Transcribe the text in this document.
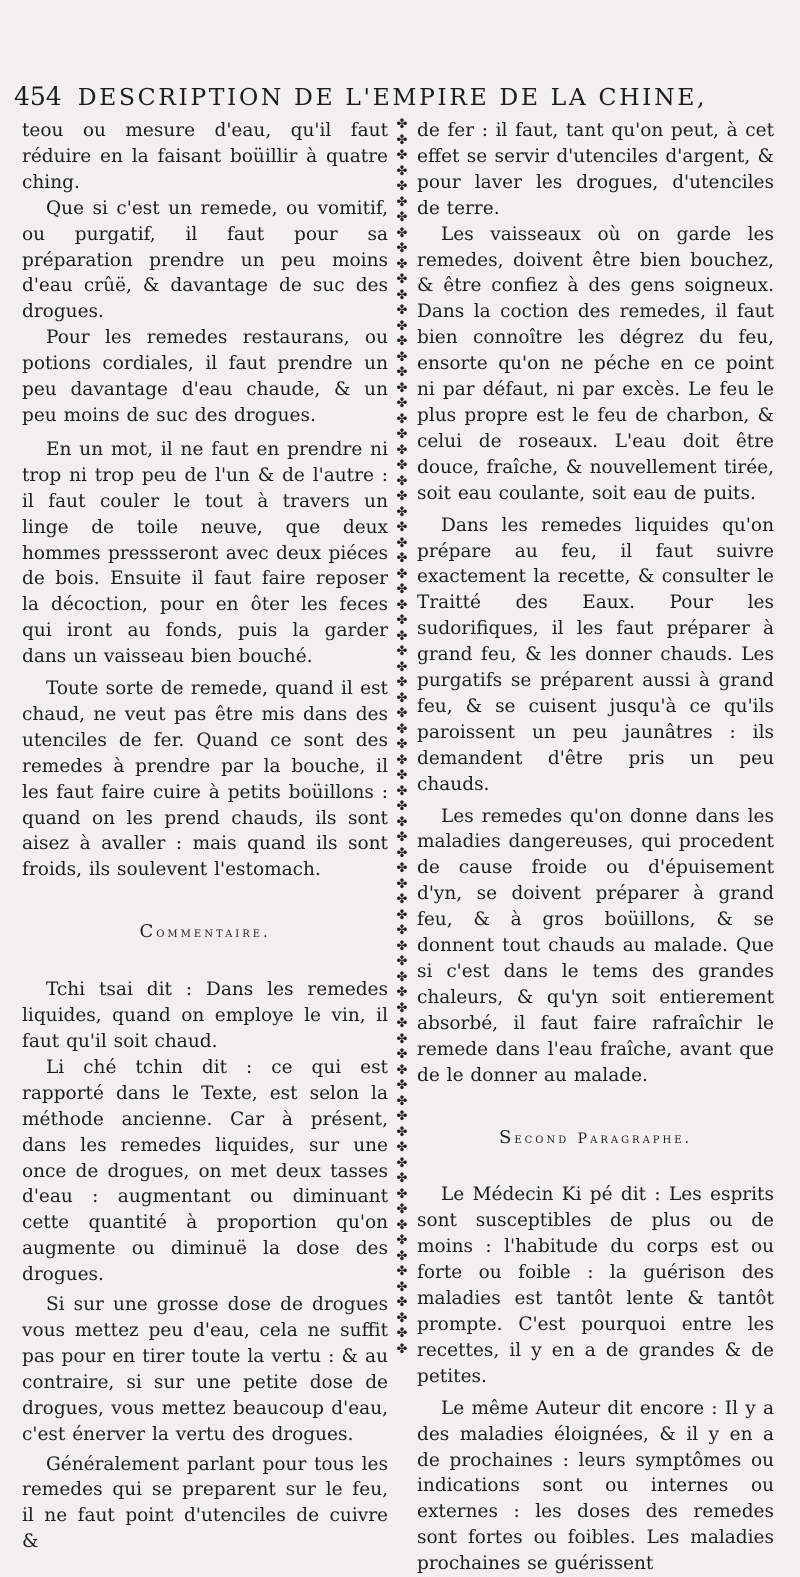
454 DESCRIPTION DE L'EMPIRE DE LA CHINE,

teou ou mesure d'eau, qu'il faut réduire en la faisant boüillir à quatre ching.

Que si c'est un remede, ou vomitif, ou purgatif, il faut pour sa préparation prendre un peu moins d'eau crûë, & davantage de suc des drogues.

Pour les remedes restaurans, ou potions cordiales, il faut prendre un peu davantage d'eau chaude, & un peu moins de suc des drogues.

En un mot, il ne faut en prendre ni trop ni trop peu de l'un & de l'autre : il faut couler le tout à travers un linge de toile neuve, que deux hommes pressseront avec deux piéces de bois. Ensuite il faut faire reposer la décoction, pour en ôter les feces qui iront au fonds, puis la garder dans un vaisseau bien bouché.

Toute sorte de remede, quand il est chaud, ne veut pas être mis dans des utenciles de fer. Quand ce sont des remedes à prendre par la bouche, il les faut faire cuire à petits boüillons : quand on les prend chauds, ils sont aisez à avaller : mais quand ils sont froids, ils soulevent l'estomach.

Commentaire.

Tchi tsai dit : Dans les remedes liquides, quand on employe le vin, il faut qu'il soit chaud.

Li ché tchin dit : ce qui est rapporté dans le Texte, est selon la méthode ancienne. Car à présent, dans les remedes liquides, sur une once de drogues, on met deux tasses d'eau : augmentant ou diminuant cette quantité à proportion qu'on augmente ou diminuë la dose des drogues.

Si sur une grosse dose de drogues vous mettez peu d'eau, cela ne suffit pas pour en tirer toute la vertu : & au contraire, si sur une petite dose de drogues, vous mettez beaucoup d'eau, c'est énerver la vertu des drogues.

Généralement parlant pour tous les remedes qui se preparent sur le feu, il ne faut point d'utenciles de cuivre &

✤
✤
✤
✤
✤
✤
✤
✤
✤
✤
✤
✤
✤
✤
✤
✤
✤
✤
✤
✤
✤
✤
✤
✤
✤
✤
✤
✤
✤
✤
✤
✤
✤
✤
✤
✤
✤
✤
✤
✤
✤
✤
✤
✤
✤
✤
✤
✤
✤
✤
✤
✤
✤
✤
✤
✤
✤
✤
✤
✤
✤
✤
✤
✤
✤
✤
✤
✤
✤
✤
✤
✤
✤
✤
✤
✤
✤
✤
✤
✤

de fer : il faut, tant qu'on peut, à cet effet se servir d'utenciles d'argent, & pour laver les drogues, d'utenciles de terre.

Les vaisseaux où on garde les remedes, doivent être bien bouchez, & être confiez à des gens soigneux. Dans la coction des remedes, il faut bien connoître les dégrez du feu, ensorte qu'on ne péche en ce point ni par défaut, ni par excès. Le feu le plus propre est le feu de charbon, & celui de roseaux. L'eau doit être douce, fraîche, & nouvellement tirée, soit eau coulante, soit eau de puits.

Dans les remedes liquides qu'on prépare au feu, il faut suivre exactement la recette, & consulter le Traitté des Eaux. Pour les sudorifiques, il les faut préparer à grand feu, & les donner chauds. Les purgatifs se préparent aussi à grand feu, & se cuisent jusqu'à ce qu'ils paroissent un peu jaunâtres : ils demandent d'être pris un peu chauds.

Les remedes qu'on donne dans les maladies dangereuses, qui procedent de cause froide ou d'épuisement d'yn, se doivent préparer à grand feu, & à gros boüillons, & se donnent tout chauds au malade. Que si c'est dans le tems des grandes chaleurs, & qu'yn soit entierement absorbé, il faut faire rafraîchir le remede dans l'eau fraîche, avant que de le donner au malade.

Second Paragraphe.

Le Médecin Ki pé dit : Les esprits sont susceptibles de plus ou de moins : l'habitude du corps est ou forte ou foible : la guérison des maladies est tantôt lente & tantôt prompte. C'est pourquoi entre les recettes, il y en a de grandes & de petites.

Le même Auteur dit encore : Il y a des maladies éloignées, & il y en a de prochaines : leurs symptômes ou indications sont ou internes ou externes : les doses des remedes sont fortes ou foibles. Les maladies prochaines se guérissent
